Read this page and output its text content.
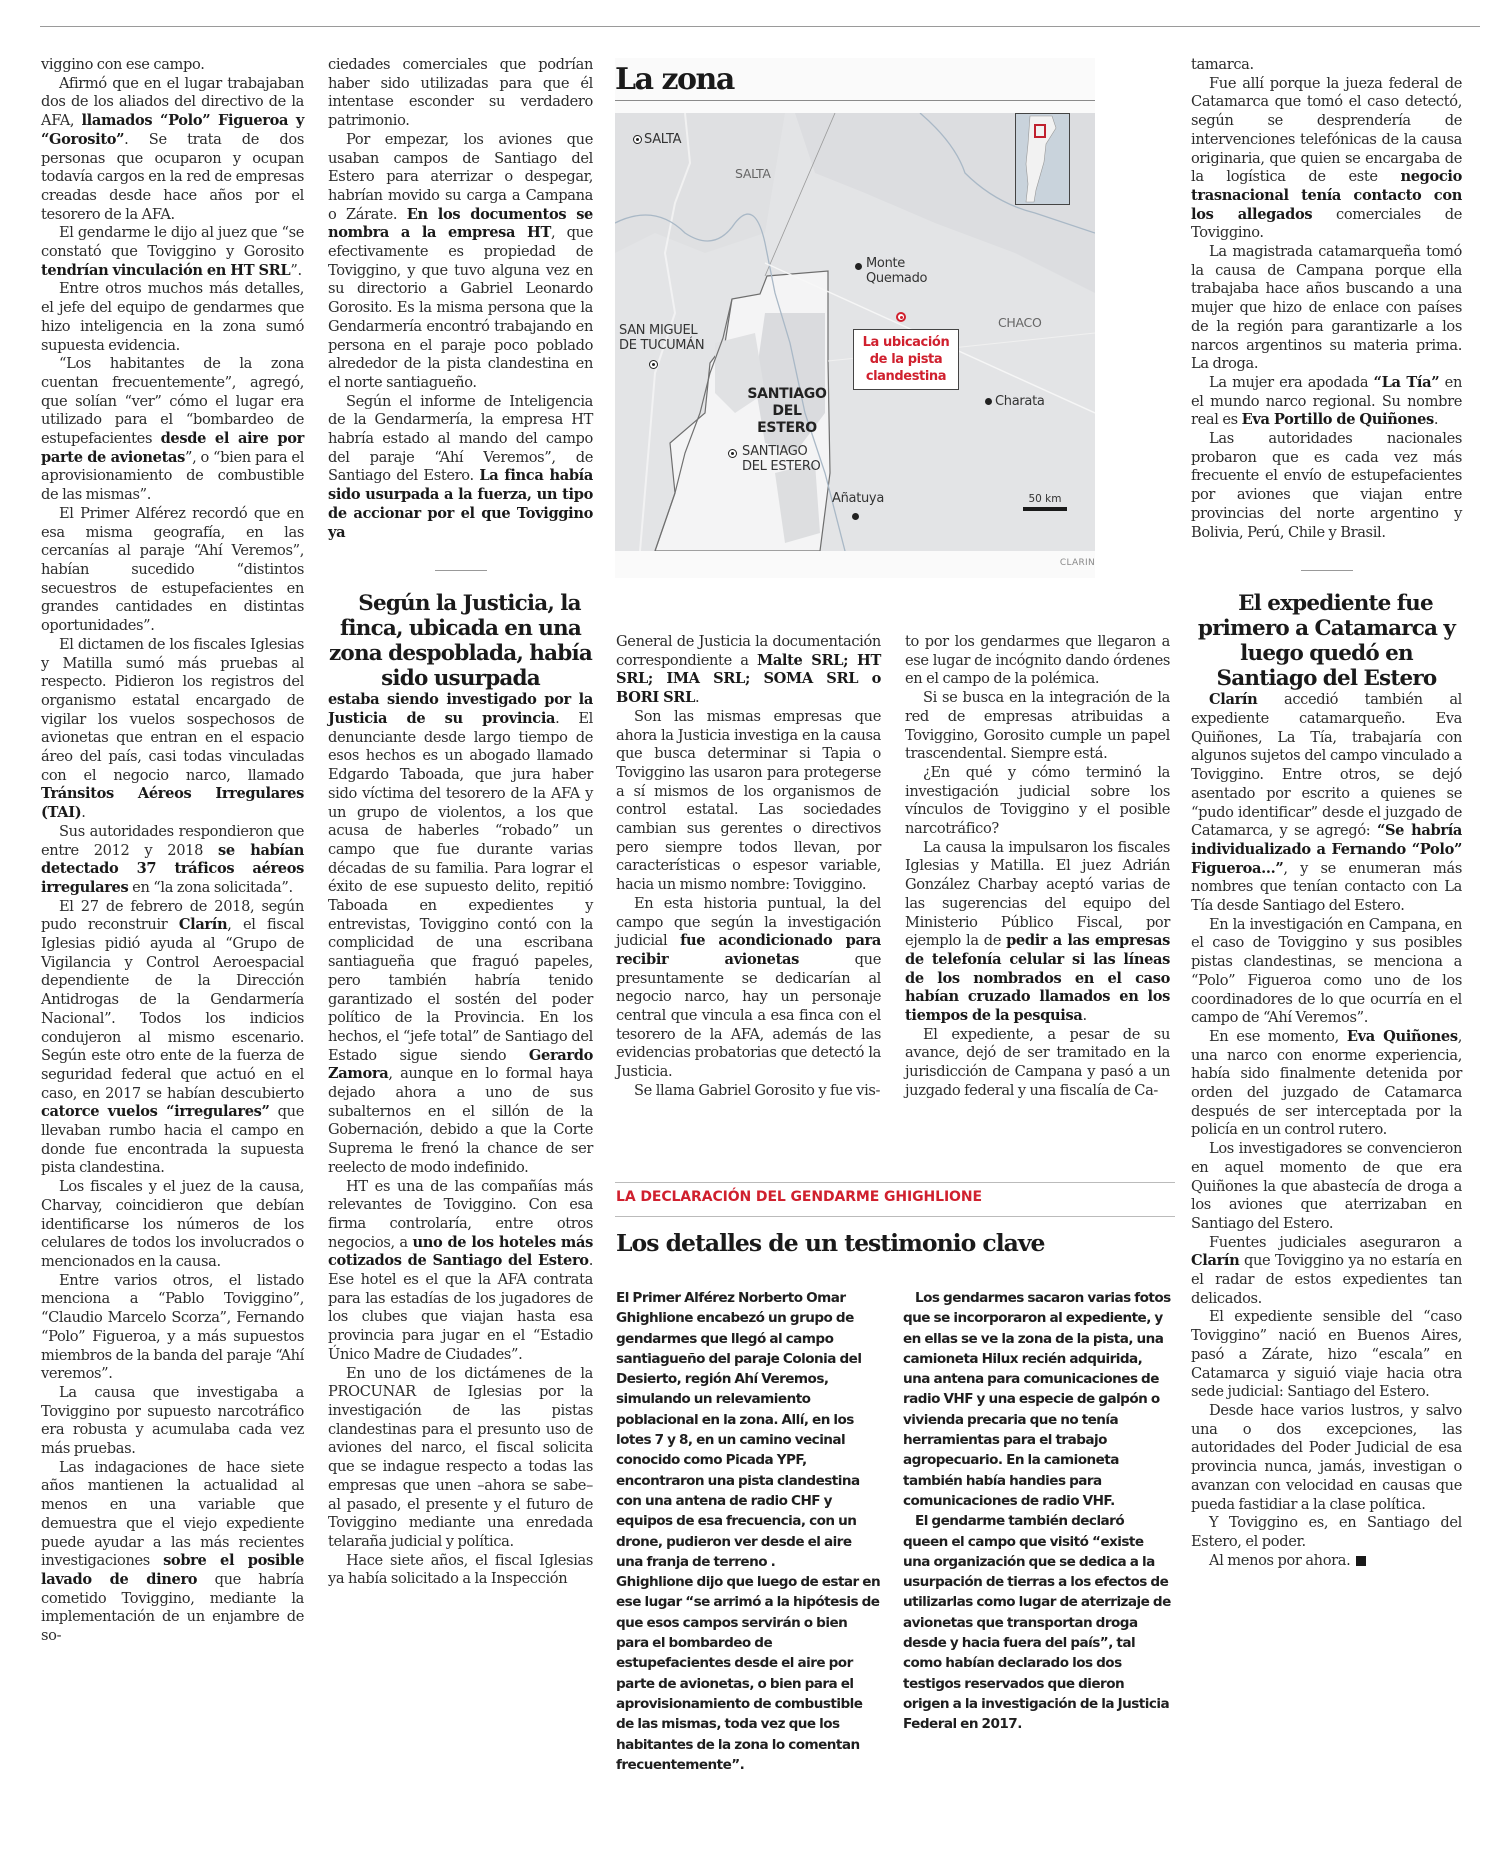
viggino con ese campo.

Afirmó que en el lugar trabajaban dos de los aliados del directivo de la AFA, llamados “Polo” Figueroa y “Gorosito”. Se trata de dos personas que ocuparon y ocupan todavía cargos en la red de empresas creadas desde hace años por el tesorero de la AFA.

El gendarme le dijo al juez que “se constató que Toviggino y Gorosito tendrían vinculación en HT SRL”.

Entre otros muchos más detalles, el jefe del equipo de gendarmes que hizo inteligencia en la zona sumó supuesta evidencia.

“Los habitantes de la zona cuentan frecuentemente”, agregó, que solían “ver” cómo el lugar era utilizado para el “bombardeo de estupefacientes desde el aire por parte de avionetas”, o “bien para el aprovisionamiento de combustible de las mismas”.

El Primer Alférez recordó que en esa misma geografía, en las cercanías al paraje “Ahí Veremos”, habían sucedido “distintos secuestros de estupefacientes en grandes cantidades en distintas oportunidades”.

El dictamen de los fiscales Iglesias y Matilla sumó más pruebas al respecto. Pidieron los registros del organismo estatal encargado de vigilar los vuelos sospechosos de avionetas que entran en el espacio áreo del país, casi todas vinculadas con el negocio narco, llamado Tránsitos Aéreos Irregulares (TAI).

Sus autoridades respondieron que entre 2012 y 2018 se habían detectado 37 tráficos aéreos irregulares en “la zona solicitada”.

El 27 de febrero de 2018, según pudo reconstruir Clarín, el fiscal Iglesias pidió ayuda al “Grupo de Vigilancia y Control Aeroespacial dependiente de la Dirección Antidrogas de la Gendarmería Nacional”. Todos los indicios condujeron al mismo escenario. Según este otro ente de la fuerza de seguridad federal que actuó en el caso, en 2017 se habían descubierto catorce vuelos “irregulares” que llevaban rumbo hacia el campo en donde fue encontrada la supuesta pista clandestina.

Los fiscales y el juez de la causa, Charvay, coincidieron que debían identificarse los números de los celulares de todos los involucrados o mencionados en la causa.

Entre varios otros, el listado menciona a “Pablo Toviggino”, “Claudio Marcelo Scorza”, Fernando “Polo” Figueroa, y a más supuestos miembros de la banda del paraje “Ahí veremos”.

La causa que investigaba a Toviggino por supuesto narcotráfico era robusta y acumulaba cada vez más pruebas.

Las indagaciones de hace siete años mantienen la actualidad al menos en una variable que demuestra que el viejo expediente puede ayudar a las más recientes investigaciones sobre el posible lavado de dinero que habría cometido Toviggino, mediante la implementación de un enjambre de so-

ciedades comerciales que podrían haber sido utilizadas para que él intentase esconder su verdadero patrimonio.

Por empezar, los aviones que usaban campos de Santiago del Estero para aterrizar o despegar, habrían movido su carga a Campana o Zárate. En los documentos se nombra a la empresa HT, que efectivamente es propiedad de Toviggino, y que tuvo alguna vez en su directorio a Gabriel Leonardo Gorosito. Es la misma persona que la Gendarmería encontró trabajando en persona en el paraje poco poblado alrededor de la pista clandestina en el norte santiagueño.

Según el informe de Inteligencia de la Gendarmería, la empresa HT habría estado al mando del campo del paraje “Ahí Veremos”, de Santiago del Estero. La finca había sido usurpada a la fuerza, un tipo de accionar por el que Toviggino ya

Según la Justicia, la finca, ubicada en una zona despoblada, había sido usurpada

estaba siendo investigado por la Justicia de su provincia. El denunciante desde largo tiempo de esos hechos es un abogado llamado Edgardo Taboada, que jura haber sido víctima del tesorero de la AFA y un grupo de violentos, a los que acusa de haberles “robado” un campo que fue durante varias décadas de su familia. Para lograr el éxito de ese supuesto delito, repitió Taboada en expedientes y entrevistas, Toviggino contó con la complicidad de una escribana santiagueña que fraguó papeles, pero también habría tenido garantizado el sostén del poder político de la Provincia. En los hechos, el “jefe total” de Santiago del Estado sigue siendo Gerardo Zamora, aunque en lo formal haya dejado ahora a uno de sus subalternos en el sillón de la Gobernación, debido a que la Corte Suprema le frenó la chance de ser reelecto de modo indefinido.

HT es una de las compañías más relevantes de Toviggino. Con esa firma controlaría, entre otros negocios, a uno de los hoteles más cotizados de Santiago del Estero. Ese hotel es el que la AFA contrata para las estadías de los jugadores de los clubes que viajan hasta esa provincia para jugar en el “Estadio Único Madre de Ciudades”.

En uno de los dictámenes de la PROCUNAR de Iglesias por la investigación de las pistas clandestinas para el presunto uso de aviones del narco, el fiscal solicita que se indague respecto a todas las empresas que unen –ahora se sabe– al pasado, el presente y el futuro de Toviggino mediante una enredada telaraña judicial y política.

Hace siete años, el fiscal Iglesias ya había solicitado a la Inspección

La zona
SALTA
SALTA
SAN MIGUEL DE TUCUMÁN
CHACO
SANTIAGO DEL ESTERO
SANTIAGO DEL ESTERO
Monte Quemado
Charata
Añatuya
La ubicación de la pista clandestina
50 km
CLARIN

General de Justicia la documentación correspondiente a Malte SRL; HT SRL; IMA SRL; SOMA SRL o BORI SRL.

Son las mismas empresas que ahora la Justicia investiga en la causa que busca determinar si Tapia o Toviggino las usaron para protegerse a sí mismos de los organismos de control estatal. Las sociedades cambian sus gerentes o directivos pero siempre todos llevan, por características o espesor variable, hacia un mismo nombre: Toviggino.

En esta historia puntual, la del campo que según la investigación judicial fue acondicionado para recibir avionetas que presuntamente se dedicarían al negocio narco, hay un personaje central que vincula a esa finca con el tesorero de la AFA, además de las evidencias probatorias que detectó la Justicia.

Se llama Gabriel Gorosito y fue vis-

to por los gendarmes que llegaron a ese lugar de incógnito dando órdenes en el campo de la polémica.

Si se busca en la integración de la red de empresas atribuidas a Toviggino, Gorosito cumple un papel trascendental. Siempre está.

¿En qué y cómo terminó la investigación judicial sobre los vínculos de Toviggino y el posible narcotráfico?

La causa la impulsaron los fiscales Iglesias y Matilla. El juez Adrián González Charbay aceptó varias de las sugerencias del equipo del Ministerio Público Fiscal, por ejemplo la de pedir a las empresas de telefonía celular si las líneas de los nombrados en el caso habían cruzado llamados en los tiempos de la pesquisa.

El expediente, a pesar de su avance, dejó de ser tramitado en la jurisdicción de Campana y pasó a un juzgado federal y una fiscalía de Ca-

tamarca.

Fue allí porque la jueza federal de Catamarca que tomó el caso detectó, según se desprendería de intervenciones telefónicas de la causa originaria, que quien se encargaba de la logística de este negocio trasnacional tenía contacto con los allegados comerciales de Toviggino.

La magistrada catamarqueña tomó la causa de Campana porque ella trabajaba hace años buscando a una mujer que hizo de enlace con países de la región para garantizarle a los narcos argentinos su materia prima. La droga.

La mujer era apodada “La Tía” en el mundo narco regional. Su nombre real es Eva Portillo de Quiñones.

Las autoridades nacionales probaron que es cada vez más frecuente el envío de estupefacientes por aviones que viajan entre provincias del norte argentino y Bolivia, Perú, Chile y Brasil.

El expediente fue primero a Catamarca y luego quedó en Santiago del Estero

Clarín accedió también al expediente catamarqueño. Eva Quiñones, La Tía, trabajaría con algunos sujetos del campo vinculado a Toviggino. Entre otros, se dejó asentado por escrito a quienes se “pudo identificar” desde el juzgado de Catamarca, y se agregó: “Se habría individualizado a Fernando “Polo” Figueroa…”, y se enumeran más nombres que tenían contacto con La Tía desde Santiago del Estero.

En la investigación en Campana, en el caso de Toviggino y sus posibles pistas clandestinas, se menciona a “Polo” Figueroa como uno de los coordinadores de lo que ocurría en el campo de “Ahí Veremos”.

En ese momento, Eva Quiñones, una narco con enorme experiencia, había sido finalmente detenida por orden del juzgado de Catamarca después de ser interceptada por la policía en un control rutero.

Los investigadores se convencieron en aquel momento de que era Quiñones la que abastecía de droga a los aviones que aterrizaban en Santiago del Estero.

Fuentes judiciales aseguraron a Clarín que Toviggino ya no estaría en el radar de estos expedientes tan delicados.

El expediente sensible del “caso Toviggino” nació en Buenos Aires, pasó a Zárate, hizo “escala” en Catamarca y siguió viaje hacia otra sede judicial: Santiago del Estero.

Desde hace varios lustros, y salvo una o dos excepciones, las autoridades del Poder Judicial de esa provincia nunca, jamás, investigan o avanzan con velocidad en causas que pueda fastidiar a la clase política.

Y Toviggino es, en Santiago del Estero, el poder.

Al menos por ahora.

LA DECLARACIÓN DEL GENDARME GHIGHLIONE
Los detalles de un testimonio clave

El Primer Alférez Norberto Omar Ghighlione encabezó un grupo de gendarmes que llegó al campo santiagueño del paraje Colonia del Desierto, región Ahí Veremos, simulando un relevamiento poblacional en la zona. Allí, en los lotes 7 y 8, en un camino vecinal conocido como Picada YPF, encontraron una pista clandestina con una antena de radio CHF y equipos de esa frecuencia, con un drone, pudieron ver desde el aire una franja de terreno .

Ghighlione dijo que luego de estar en ese lugar “se arrimó a la hipótesis de que esos campos servirán o bien para el bombardeo de estupefacientes desde el aire por parte de avionetas, o bien para el aprovisionamiento de combustible de las mismas, toda vez que los habitantes de la zona lo comentan frecuentemente”.

Los gendarmes sacaron varias fotos que se incorporaron al expediente, y en ellas se ve la zona de la pista, una camioneta Hilux recién adquirida, una antena para comunicaciones de radio VHF y una especie de galpón o vivienda precaria que no tenía herramientas para el trabajo agropecuario. En la camioneta también había handies para comunicaciones de radio VHF.

El gendarme también declaró queen el campo que visitó “existe una organización que se dedica a la usurpación de tierras a los efectos de utilizarlas como lugar de aterrizaje de avionetas que transportan droga desde y hacia fuera del país”, tal como habían declarado los dos testigos reservados que dieron origen a la investigación de la Justicia Federal en 2017.
